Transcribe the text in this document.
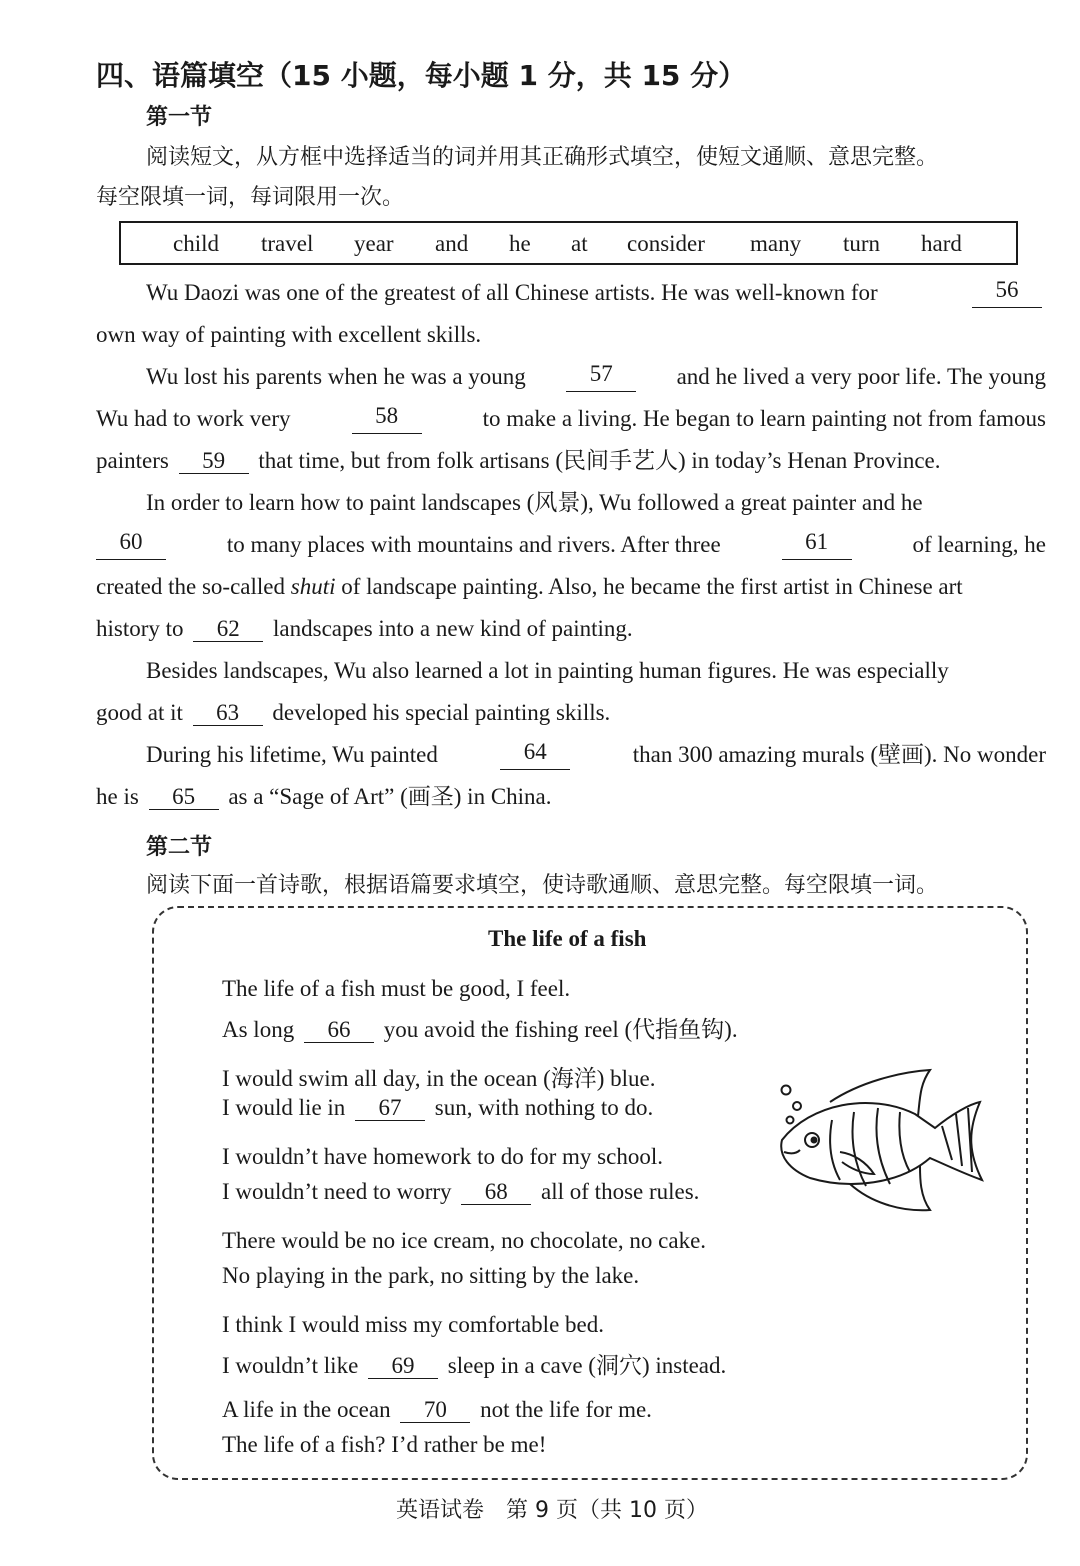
四、语篇填空（15 小题，每小题 1 分，共 15 分）
第一节
阅读短文，从方框中选择适当的词并用其正确形式填空，使短文通顺、意思完整。
每空限填一词，每词限用一次。
child travel year and he at consider many turn hard
Wu Daozi was one of the greatest of all Chinese artists. He was well-known for	56
own way of painting with excellent skills.
Wu lost his parents when he was a young	57	and he lived a very poor life. The young
Wu had to work very	58	to make a living. He began to learn painting not from famous
painters 59 that time, but from folk artisans (民间手艺人) in today’s Henan Province.
In order to learn how to paint landscapes (风景), Wu followed a great painter and he
60	to many places with mountains and rivers. After three	61	of learning, he
created the so-called shuti of landscape painting. Also, he became the first artist in Chinese art
history to 62 landscapes into a new kind of painting.
Besides landscapes, Wu also learned a lot in painting human figures. He was especially
good at it 63 developed his special painting skills.
During his lifetime, Wu painted	64	than 300 amazing murals (壁画). No wonder
he is 65 as a “Sage of Art” (画圣) in China.
第二节
阅读下面一首诗歌，根据语篇要求填空，使诗歌通顺、意思完整。每空限填一词。
The life of a fish
The life of a fish must be good, I feel.
As long 66 you avoid the fishing reel (代指鱼钩).
I would swim all day, in the ocean (海洋) blue.
I would lie in 67 sun, with nothing to do.
I wouldn’t have homework to do for my school.
I wouldn’t need to worry 68 all of those rules.
There would be no ice cream, no chocolate, no cake.
No playing in the park, no sitting by the lake.
I think I would miss my comfortable bed.
I wouldn’t like 69 sleep in a cave (洞穴) instead.
A life in the ocean 70 not the life for me.
The life of a fish? I’d rather be me!
英语试卷　第 9 页（共 10 页）
